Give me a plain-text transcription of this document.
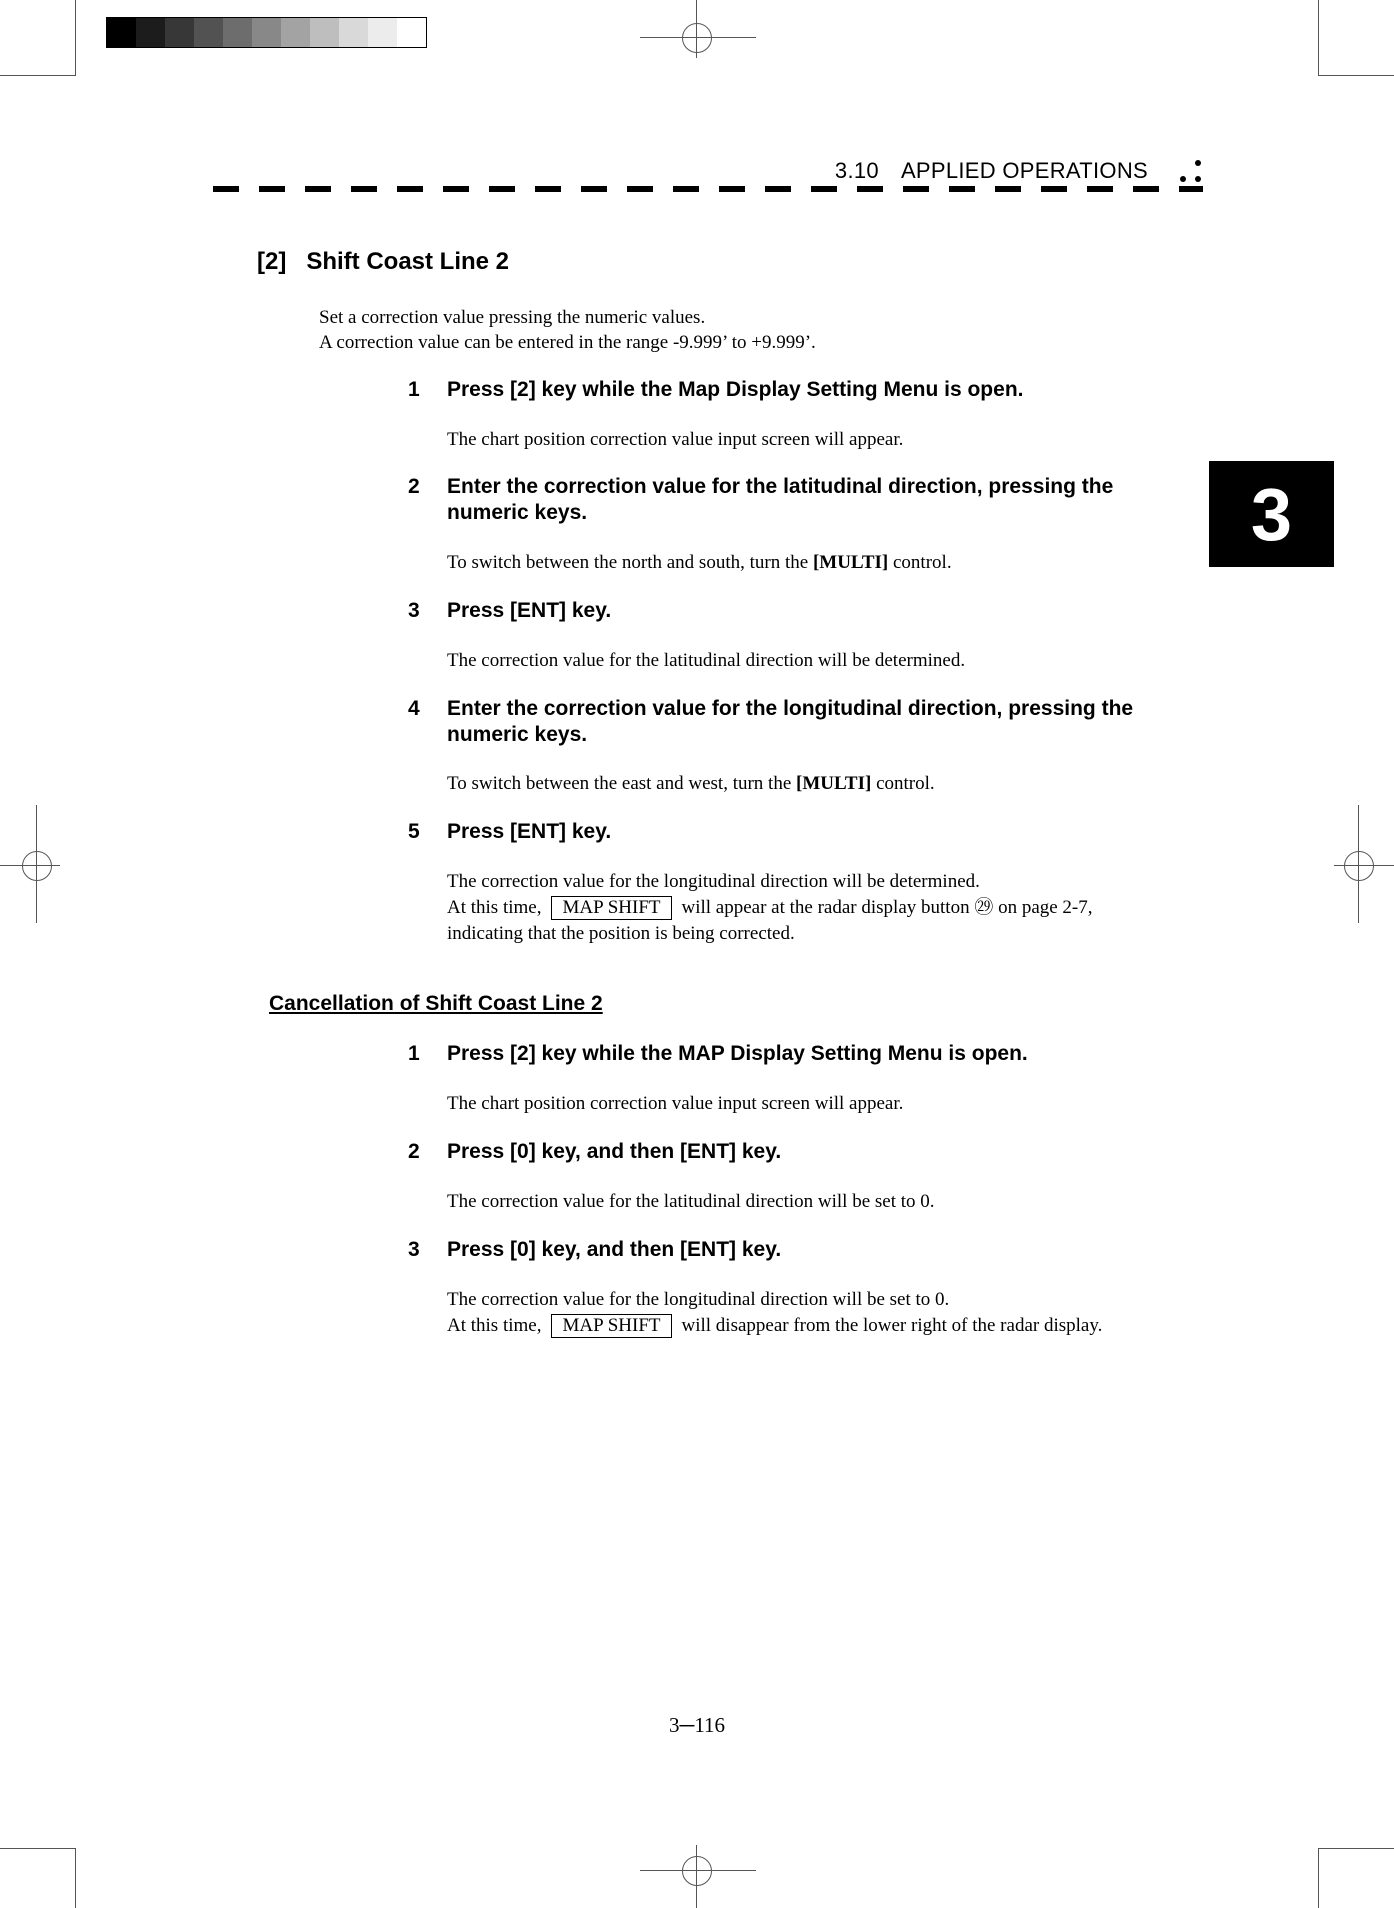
3.10 APPLIED OPERATIONS
3
[2] Shift Coast Line 2
Set a correction value pressing the numeric values.
A correction value can be entered in the range -9.999’ to +9.999’.
1 Press [2] key while the Map Display Setting Menu is open.
The chart position correction value input screen will appear.
2 Enter the correction value for the latitudinal direction, pressing the numeric keys.
To switch between the north and south, turn the [MULTI] control.
3 Press [ENT] key.
The correction value for the latitudinal direction will be determined.
4 Enter the correction value for the longitudinal direction, pressing the numeric keys.
To switch between the east and west, turn the [MULTI] control.
5 Press [ENT] key.
The correction value for the longitudinal direction will be determined.
At this time, MAP SHIFT will appear at the radar display button ㉙ on page 2-7,
indicating that the position is being corrected.
Cancellation of Shift Coast Line 2
1 Press [2] key while the MAP Display Setting Menu is open.
The chart position correction value input screen will appear.
2 Press [0] key, and then [ENT] key.
The correction value for the latitudinal direction will be set to 0.
3 Press [0] key, and then [ENT] key.
The correction value for the longitudinal direction will be set to 0.
At this time, MAP SHIFT will disappear from the lower right of the radar display.
3─116
